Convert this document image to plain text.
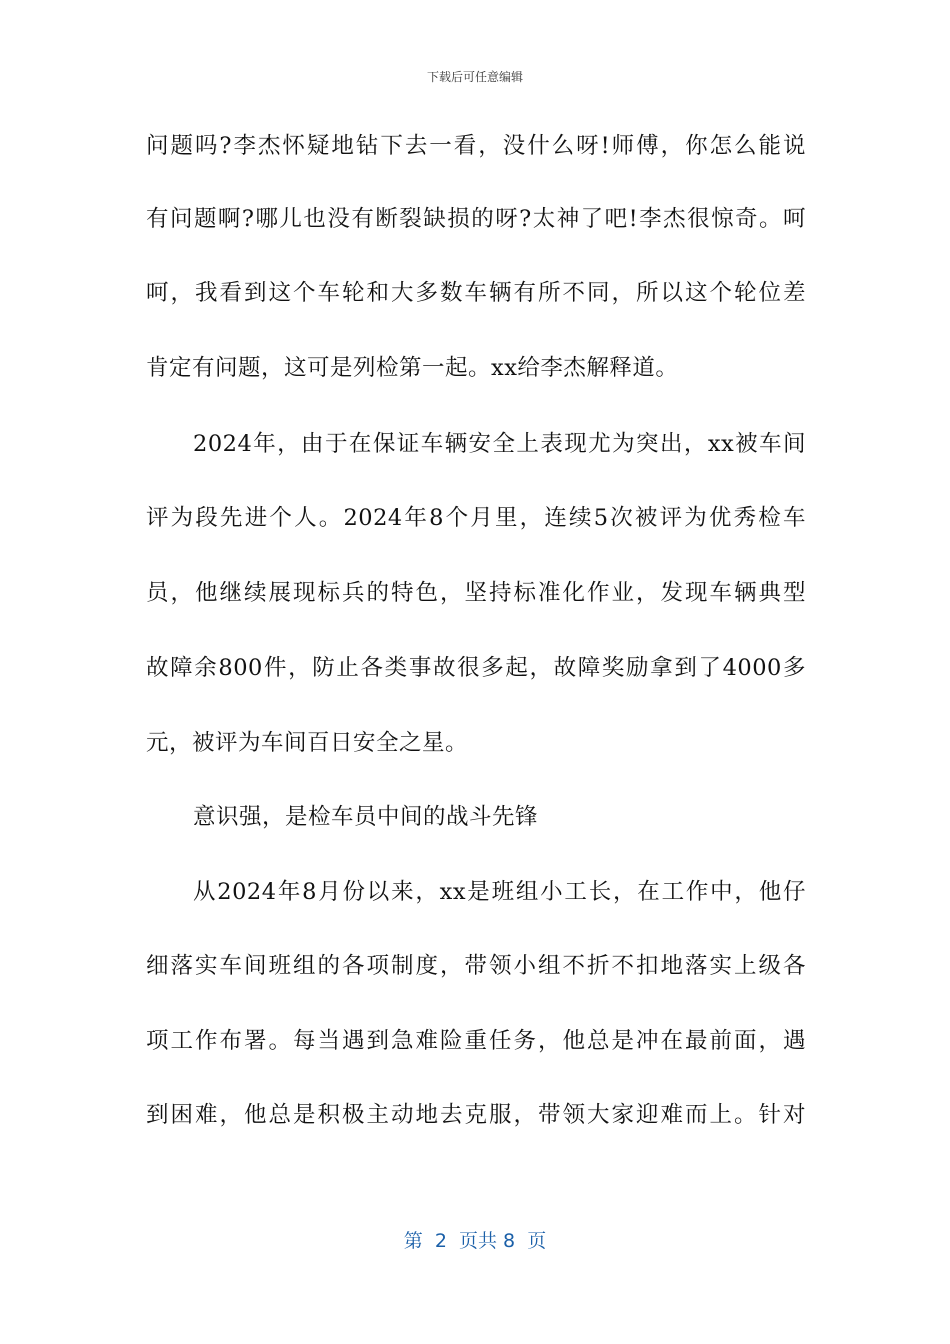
下载后可任意编辑
问题吗?李杰怀疑地钻下去一看，没什么呀!师傅，你怎么能说
有问题啊?哪儿也没有断裂缺损的呀?太神了吧!李杰很惊奇。呵
呵，我看到这个车轮和大多数车辆有所不同，所以这个轮位差
肯定有问题，这可是列检第一起。xx给李杰解释道。
2024年，由于在保证车辆安全上表现尤为突出，xx被车间
评为段先进个人。2024年8个月里，连续5次被评为优秀检车
员，他继续展现标兵的特色，坚持标准化作业，发现车辆典型
故障余800件，防止各类事故很多起，故障奖励拿到了4000多
元，被评为车间百日安全之星。
意识强，是检车员中间的战斗先锋
从2024年8月份以来，xx是班组小工长，在工作中，他仔
细落实车间班组的各项制度，带领小组不折不扣地落实上级各
项工作布署。每当遇到急难险重任务，他总是冲在最前面，遇
到困难，他总是积极主动地去克服，带领大家迎难而上。针对
第  2  页共 8  页
